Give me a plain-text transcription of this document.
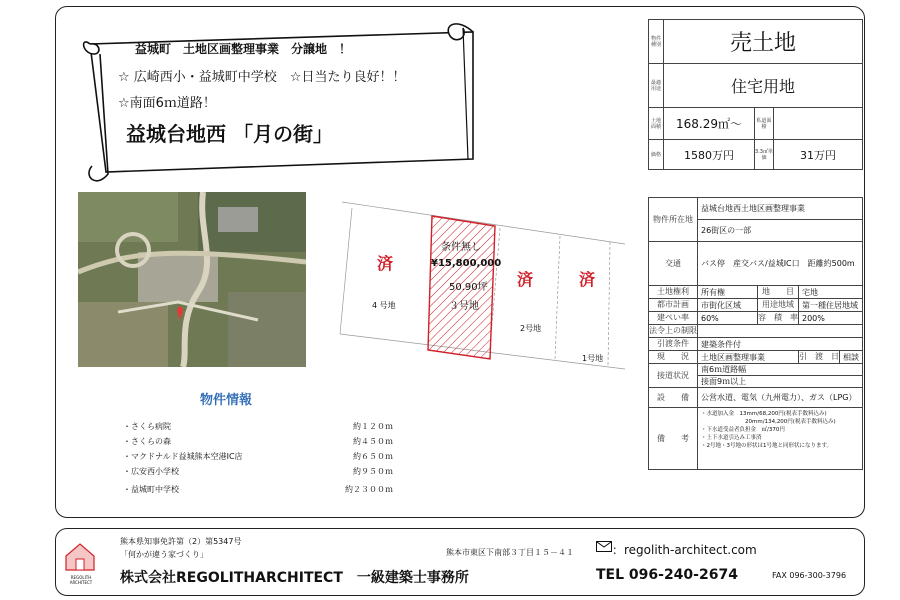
益城町　土地区画整理事業　分譲地　！
☆ 広崎西小・益城町中学校　☆日当たり良好！！
☆南面6ｍ道路！
益城台地西 「月の街」
物件種別	売土地		
最適用途	住宅用地		
土地面積	168.29㎡～	私道面積	
価格	1580万円	3.3㎡単価	31万円
物件所在地	益城台地西土地区画整理事業			
	26街区の一部			
交通	バス停　産交バス/益城IC口　距離約500m			
土地権利	所有権	地　　目	宅地	
都市計画	市街化区域	用途地域	第一種住居地域	
建ぺい率	60%	容　積　率	200%	
法令上の制限				
引渡条件	建築条件付			
現　　況	土地区画整理事業		引　渡　日	相談
接道状況	南6ｍ道路幅			
	接面9ｍ以上			
設　　備	公営水道、電気（九州電力）、ガス（LPG）			
備　　考	・水道加入金　13mm/68,200円(税表手数料込み)
20mm/134,200円(税表手数料込み)
・下水道受益者負担金　㎡/370円
・上下水道引込み工事済
・2号地・3号地の形状は1号地と同形状になります。			
済
4 号地
条件無し
¥15,800,000
50.90坪
３号地
済
2号地
済
1号地
物件情報
・さくら病院	約１２０ｍ
・さくらの森	約４５０ｍ
・マクドナルド益城熊本空港IC店	約６５０ｍ
・広安西小学校	約９５０ｍ
・益城町中学校	約２３００ｍ
REGOLITH ARCHITECT
熊本県知事免許第（2）第5347号
「何かが違う家づくり」
株式会社REGOLITHARCHITECT　一級建築士事務所
熊本市東区下南部３丁目１５－４１	：regolith-architect.com
TEL 096-240-2674	FAX 096-300-3796
